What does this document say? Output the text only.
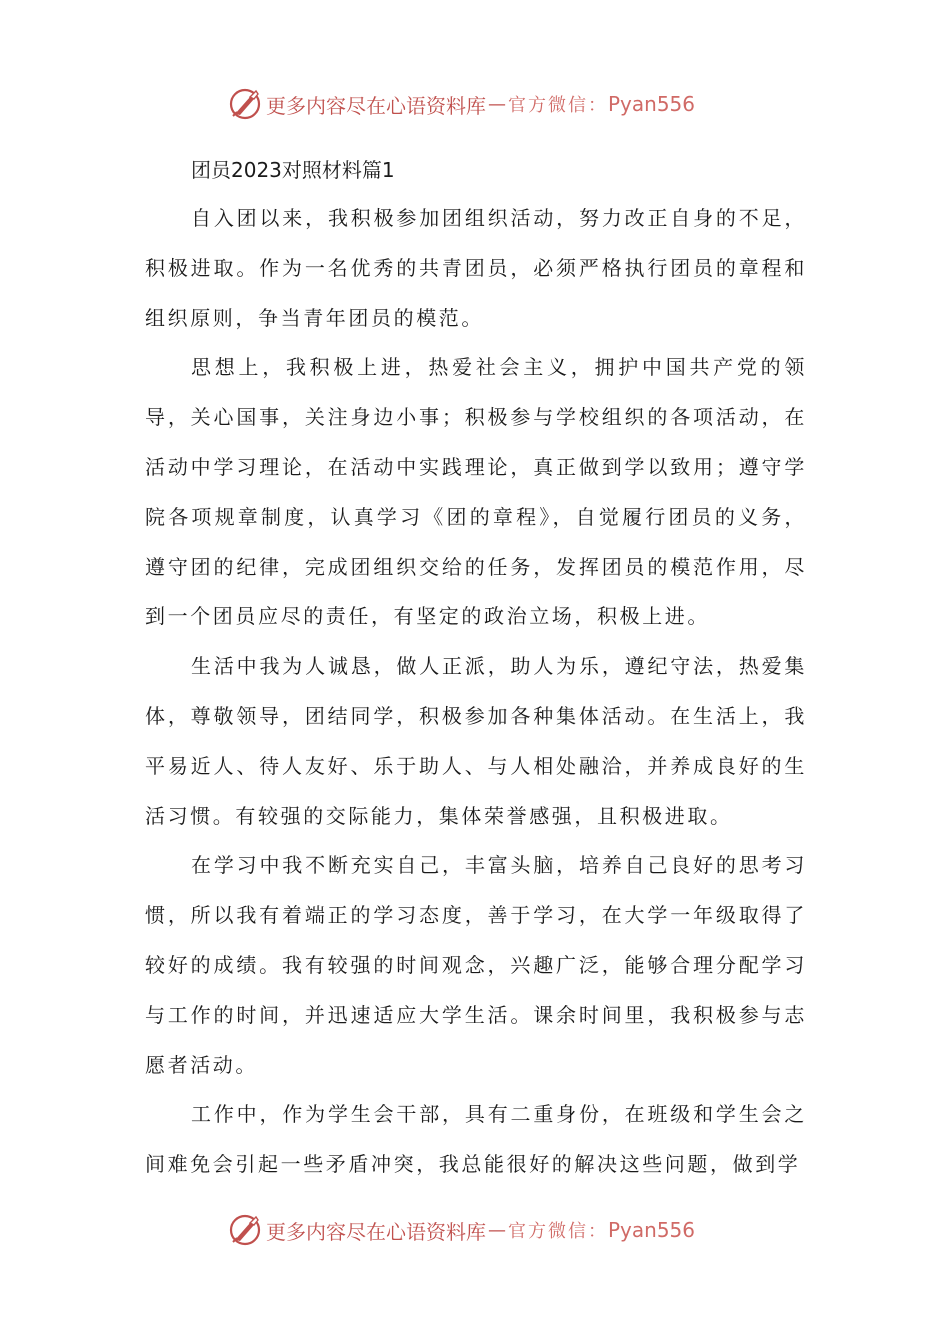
更多内容尽在心语资料库 — 官方微信： Pyan556
团员2023对照材料篇1

自入团以来，我积极参加团组织活动，努力改正自身的不足，积极进取。作为一名优秀的共青团员，必须严格执行团员的章程和组织原则，争当青年团员的模范。

思想上，我积极上进，热爱社会主义，拥护中国共产党的领导，关心国事，关注身边小事；积极参与学校组织的各项活动，在活动中学习理论，在活动中实践理论，真正做到学以致用；遵守学院各项规章制度，认真学习《团的章程》，自觉履行团员的义务，遵守团的纪律，完成团组织交给的任务，发挥团员的模范作用，尽到一个团员应尽的责任，有坚定的政治立场，积极上进。

生活中我为人诚恳，做人正派，助人为乐，遵纪守法，热爱集体，尊敬领导，团结同学，积极参加各种集体活动。在生活上，我平易近人、待人友好、乐于助人、与人相处融洽，并养成良好的生活习惯。有较强的交际能力，集体荣誉感强，且积极进取。

在学习中我不断充实自己，丰富头脑，培养自己良好的思考习惯，所以我有着端正的学习态度，善于学习，在大学一年级取得了较好的成绩。我有较强的时间观念，兴趣广泛，能够合理分配学习与工作的时间，并迅速适应大学生活。课余时间里，我积极参与志愿者活动。

工作中，作为学生会干部，具有二重身份，在班级和学生会之间难免会引起一些矛盾冲突，我总能很好的解决这些问题，做到学

更多内容尽在心语资料库 — 官方微信： Pyan556
